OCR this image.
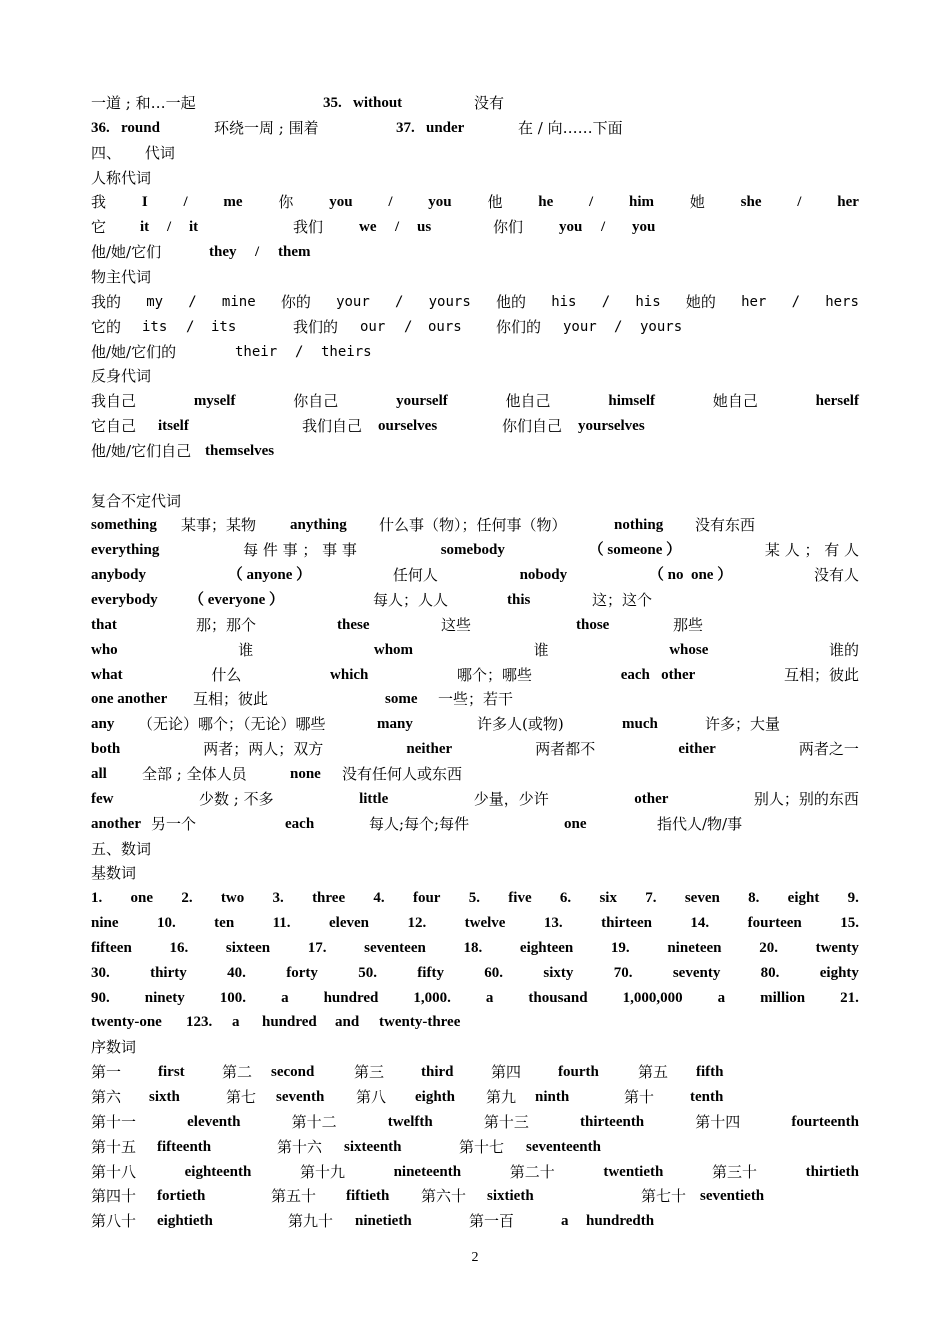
一道 ; 和…一起	35.   without	没有
36.   round	环绕一周 ; 围着	37.   under	在 / 向……下面
四、     代词
人称代词
我 I / me 你 you / you 他 he / him 她 she / her
它 it / it	我们 we / us	你们 you / you
他/她/它们	they / them
物主代词
我的 my / mine 你的 your / yours 他的 his / his 她的 her / hers
它的 its / its	我们的 our / ours 你们的 your / yours
他/她/它们的	their / theirs
反身代词
我自己	myself	你自己	yourself	他自己	himself	她自己	herself
它自己 itself	我们自己 ourselves	你们自己 yourselves
他/她/它们自己 themselves

复合不定代词
something 某事；某物 anything 什么事（物）；任何事（物）	nothing 没有东西
everything	每 件 事 ； 事 事	somebody	（ someone ）	某 人 ； 有 人
anybody	（ anyone ）	任何人	nobody	（ no  one ）	没有人
everybody （ everyone ）	每人；人人	this	这；这个
that	那；那个	these	这些	those	那些
who	谁	whom	谁	whose	谁的
what	什么	which	哪个；哪些	each   other	互相；彼此
one another 互相；彼此	some 一些；若干
any （无论）哪个；（无论）哪些	many	许多人(或物)	much	许多；大量
both	两者；两人；双方	neither	两者都不	either	两者之一
all 全部 ; 全体人员	none 没有任何人或东西
few	少数 ; 不多	little	少量，少许	other	别人；别的东西
another 另一个	each	每人;每个;每件	one	指代人/物/事
五、数词
基数词
1. one 2. two 3. three 4. four 5. five 6. six 7. seven 8. eight 9.
nine	10.	ten	11.	eleven	12.	twelve	13.	thirteen	14.	fourteen	15.
fifteen	16.	sixteen	17.	seventeen	18.	eighteen	19.	nineteen	20.	twenty
30.	thirty	40.	forty	50.	fifty	60.	sixty	70.	seventy	80.	eighty
90. ninety 100. a hundred 1,000. a thousand 1,000,000 a million 21.
twenty-one 123. a hundred and twenty-three
序数词
第一 first 第二 second	第三 third 第四 fourth	第五 fifth
第六 sixth	第七 seventh 第八 eighth 第九 ninth	第十 tenth
第十一	eleventh	第十二	twelfth	第十三	thirteenth	第十四	fourteenth
第十五 fifteenth	第十六 sixteenth	第十七 seventeenth
第十八	eighteenth	第十九	nineteenth	第二十	twentieth	第三十	thirtieth
第四十 fortieth	第五十 fiftieth 第六十 sixtieth	第七十 seventieth
第八十 eightieth	第九十 ninetieth	第一百	a hundredth
2
